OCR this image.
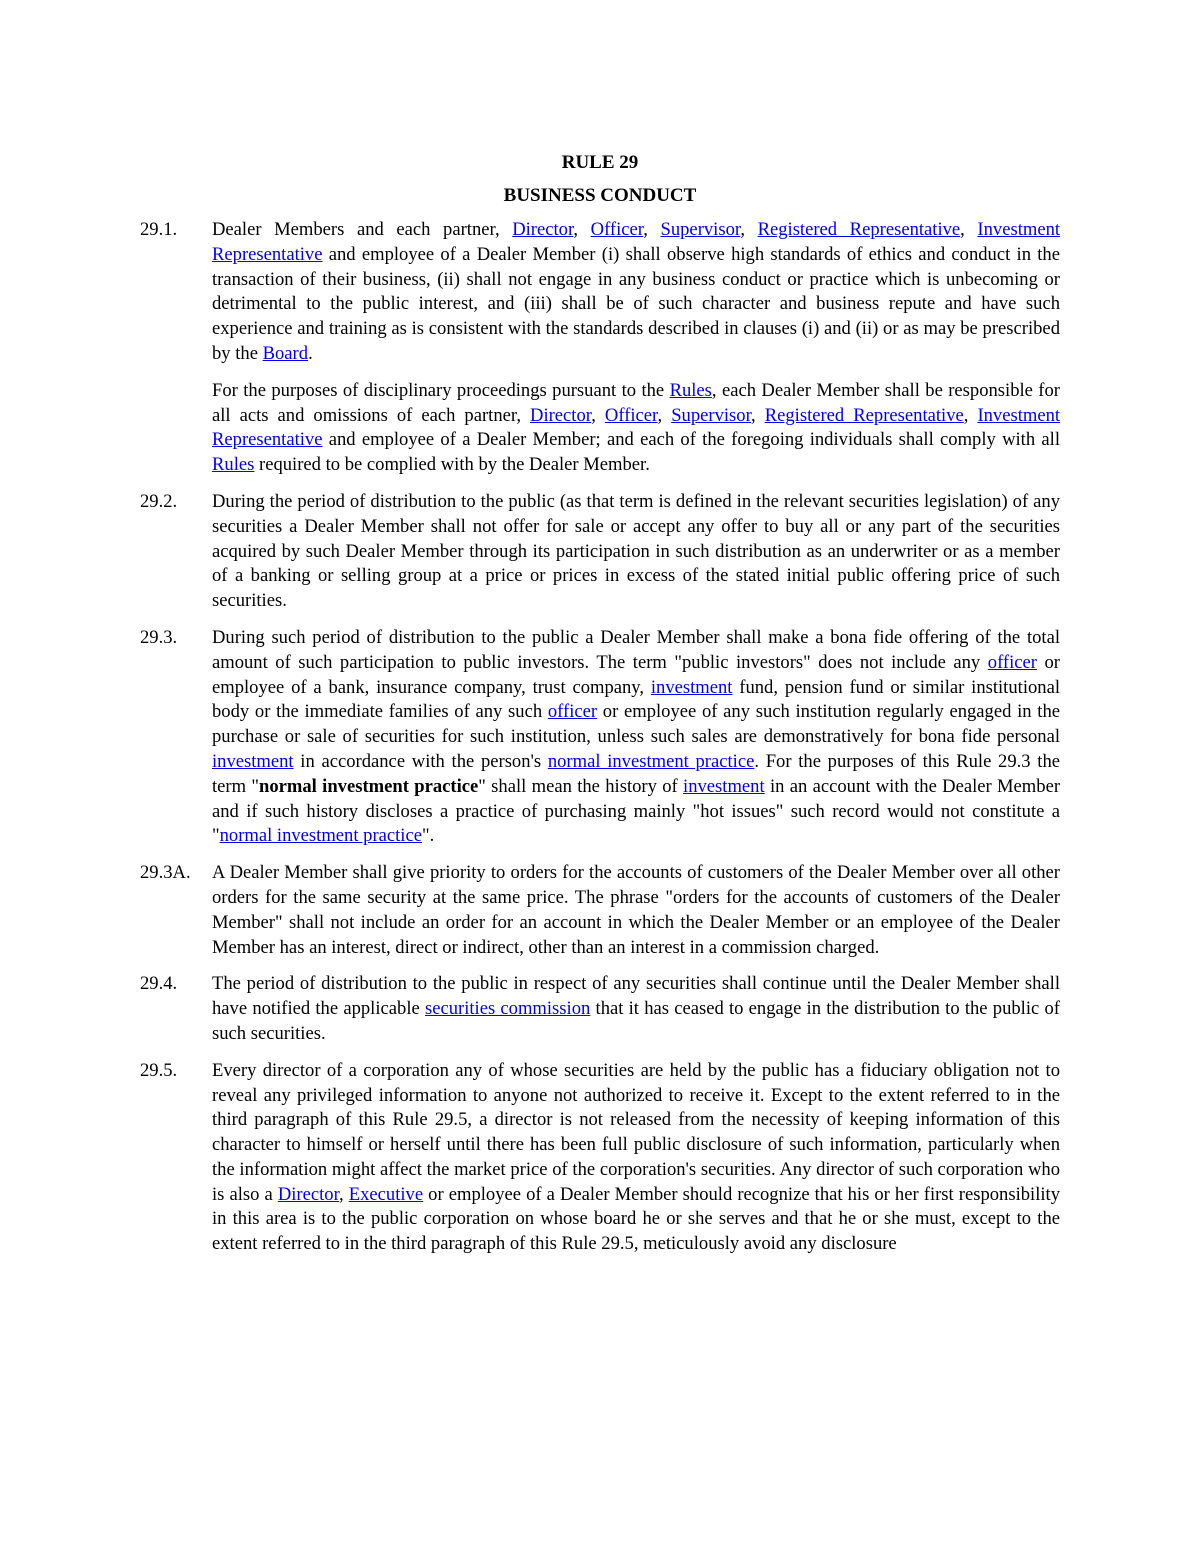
RULE 29
BUSINESS CONDUCT
29.1.	Dealer Members and each partner, Director, Officer, Supervisor, Registered Representative, Investment Representative and employee of a Dealer Member (i) shall observe high standards of ethics and conduct in the transaction of their business, (ii) shall not engage in any business conduct or practice which is unbecoming or detrimental to the public interest, and (iii) shall be of such character and business repute and have such experience and training as is consistent with the standards described in clauses (i) and (ii) or as may be prescribed by the Board.

For the purposes of disciplinary proceedings pursuant to the Rules, each Dealer Member shall be responsible for all acts and omissions of each partner, Director, Officer, Supervisor, Registered Representative, Investment Representative and employee of a Dealer Member; and each of the foregoing individuals shall comply with all Rules required to be complied with by the Dealer Member.

29.2.	During the period of distribution to the public (as that term is defined in the relevant securities legislation) of any securities a Dealer Member shall not offer for sale or accept any offer to buy all or any part of the securities acquired by such Dealer Member through its participation in such distribution as an underwriter or as a member of a banking or selling group at a price or prices in excess of the stated initial public offering price of such securities.

29.3.	During such period of distribution to the public a Dealer Member shall make a bona fide offering of the total amount of such participation to public investors. The term "public investors" does not include any officer or employee of a bank, insurance company, trust company, investment fund, pension fund or similar institutional body or the immediate families of any such officer or employee of any such institution regularly engaged in the purchase or sale of securities for such institution, unless such sales are demonstratively for bona fide personal investment in accordance with the person's normal investment practice. For the purposes of this Rule 29.3 the term "normal investment practice" shall mean the history of investment in an account with the Dealer Member and if such history discloses a practice of purchasing mainly "hot issues" such record would not constitute a "normal investment practice".

29.3A.	A Dealer Member shall give priority to orders for the accounts of customers of the Dealer Member over all other orders for the same security at the same price. The phrase "orders for the accounts of customers of the Dealer Member" shall not include an order for an account in which the Dealer Member or an employee of the Dealer Member has an interest, direct or indirect, other than an interest in a commission charged.

29.4.	The period of distribution to the public in respect of any securities shall continue until the Dealer Member shall have notified the applicable securities commission that it has ceased to engage in the distribution to the public of such securities.

29.5.	Every director of a corporation any of whose securities are held by the public has a fiduciary obligation not to reveal any privileged information to anyone not authorized to receive it. Except to the extent referred to in the third paragraph of this Rule 29.5, a director is not released from the necessity of keeping information of this character to himself or herself until there has been full public disclosure of such information, particularly when the information might affect the market price of the corporation's securities. Any director of such corporation who is also a Director, Executive or employee of a Dealer Member should recognize that his or her first responsibility in this area is to the public corporation on whose board he or she serves and that he or she must, except to the extent referred to in the third paragraph of this Rule 29.5, meticulously avoid any disclosure
